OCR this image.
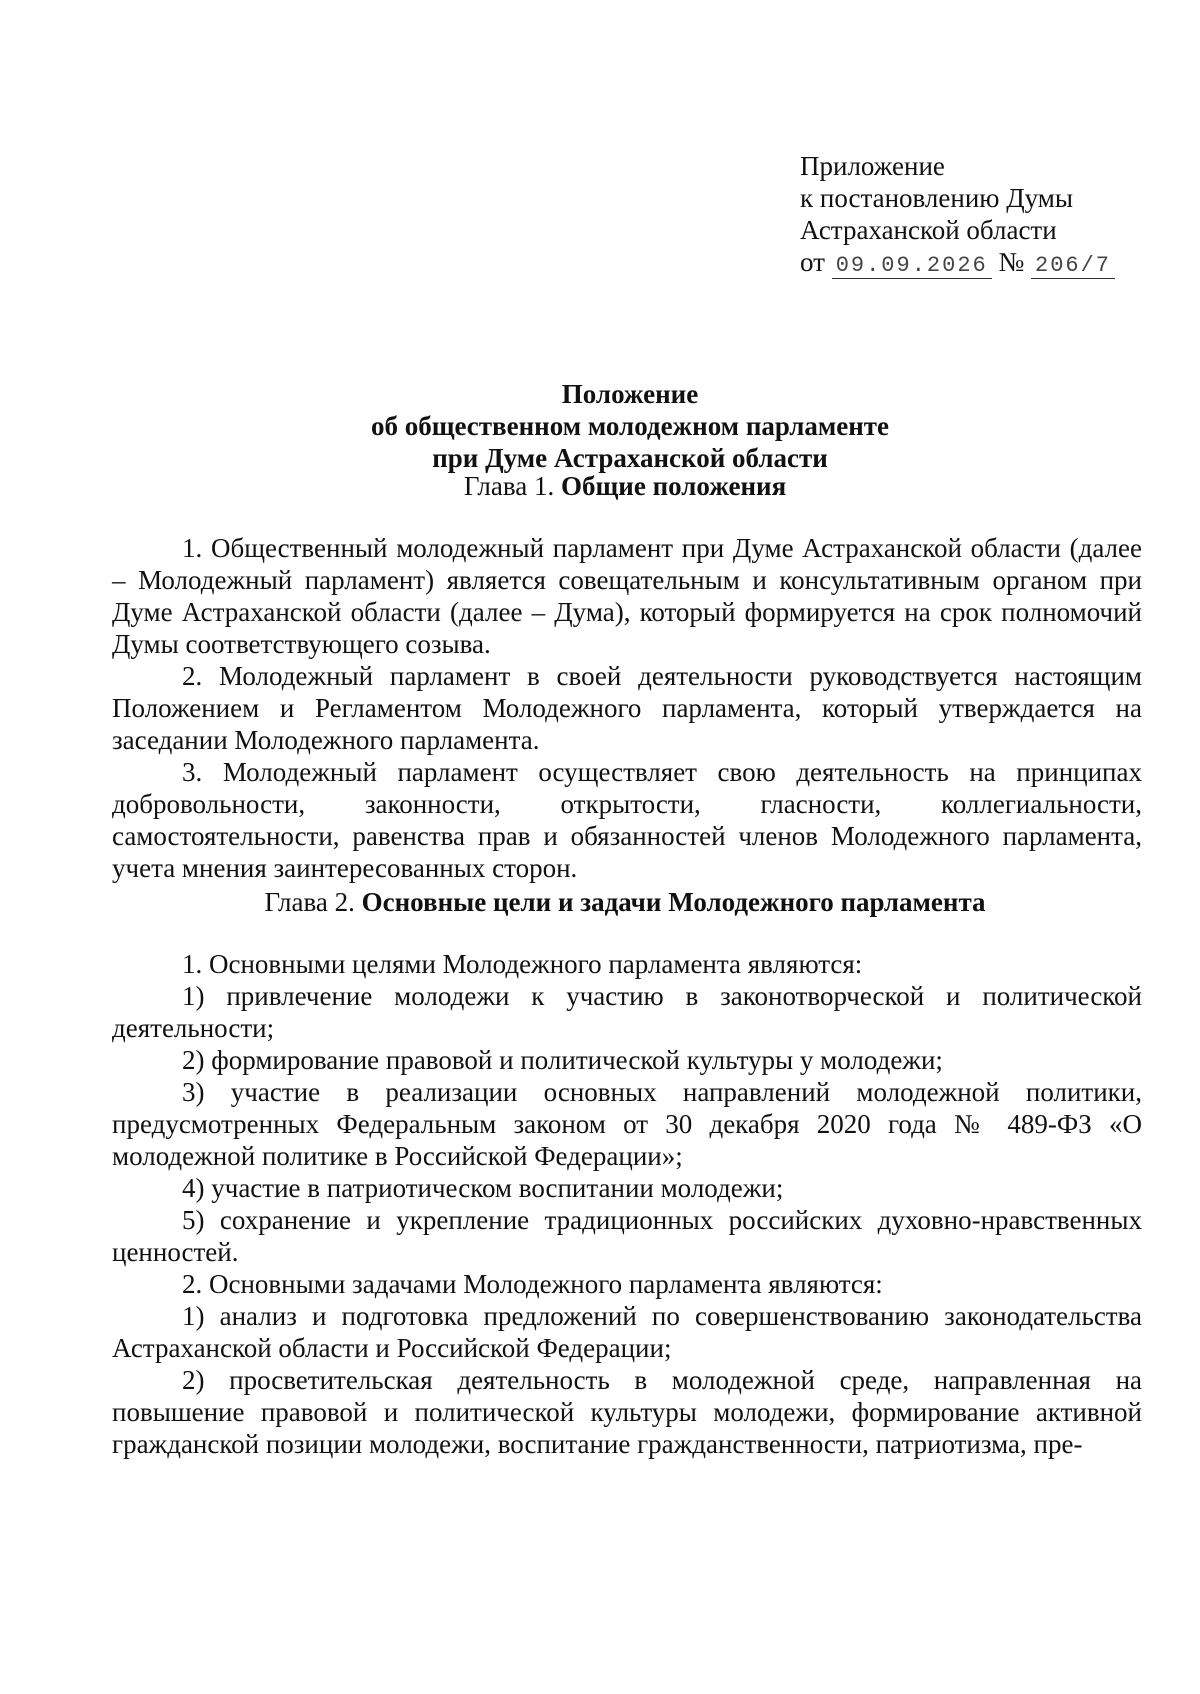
Приложение
к постановлению Думы
Астраханской области
от 09.09.2026 № 206/7
Положение
об общественном молодежном парламенте
при Думе Астраханской области
Глава 1. Общие положения

1. Общественный молодежный парламент при Думе Астраханской области (далее – Молодежный парламент) является совещательным и консультативным органом при Думе Астраханской области (далее – Дума), который формируется на срок полномочий Думы соответствующего созыва.

2. Молодежный парламент в своей деятельности руководствуется настоящим Положением и Регламентом Молодежного парламента, который утверждается на заседании Молодежного парламента.

3. Молодежный парламент осуществляет свою деятельность на принципах добровольности, законности, открытости, гласности, коллегиальности, самостоятельности, равенства прав и обязанностей членов Молодежного парламента, учета мнения заинтересованных сторон.

Глава 2. Основные цели и задачи Молодежного парламента

1. Основными целями Молодежного парламента являются:

1) привлечение молодежи к участию в законотворческой и политической деятельности;

2) формирование правовой и политической культуры у молодежи;

3) участие в реализации основных направлений молодежной политики, предусмотренных Федеральным законом от 30 декабря 2020 года № 489-ФЗ «О молодежной политике в Российской Федерации»;

4) участие в патриотическом воспитании молодежи;

5) сохранение и укрепление традиционных российских духовно-нравственных ценностей.

2. Основными задачами Молодежного парламента являются:

1) анализ и подготовка предложений по совершенствованию законодательства Астраханской области и Российской Федерации;

2) просветительская деятельность в молодежной среде, направленная на повышение правовой и политической культуры молодежи, формирование активной гражданской позиции молодежи, воспитание гражданственности, патриотизма, пре-
